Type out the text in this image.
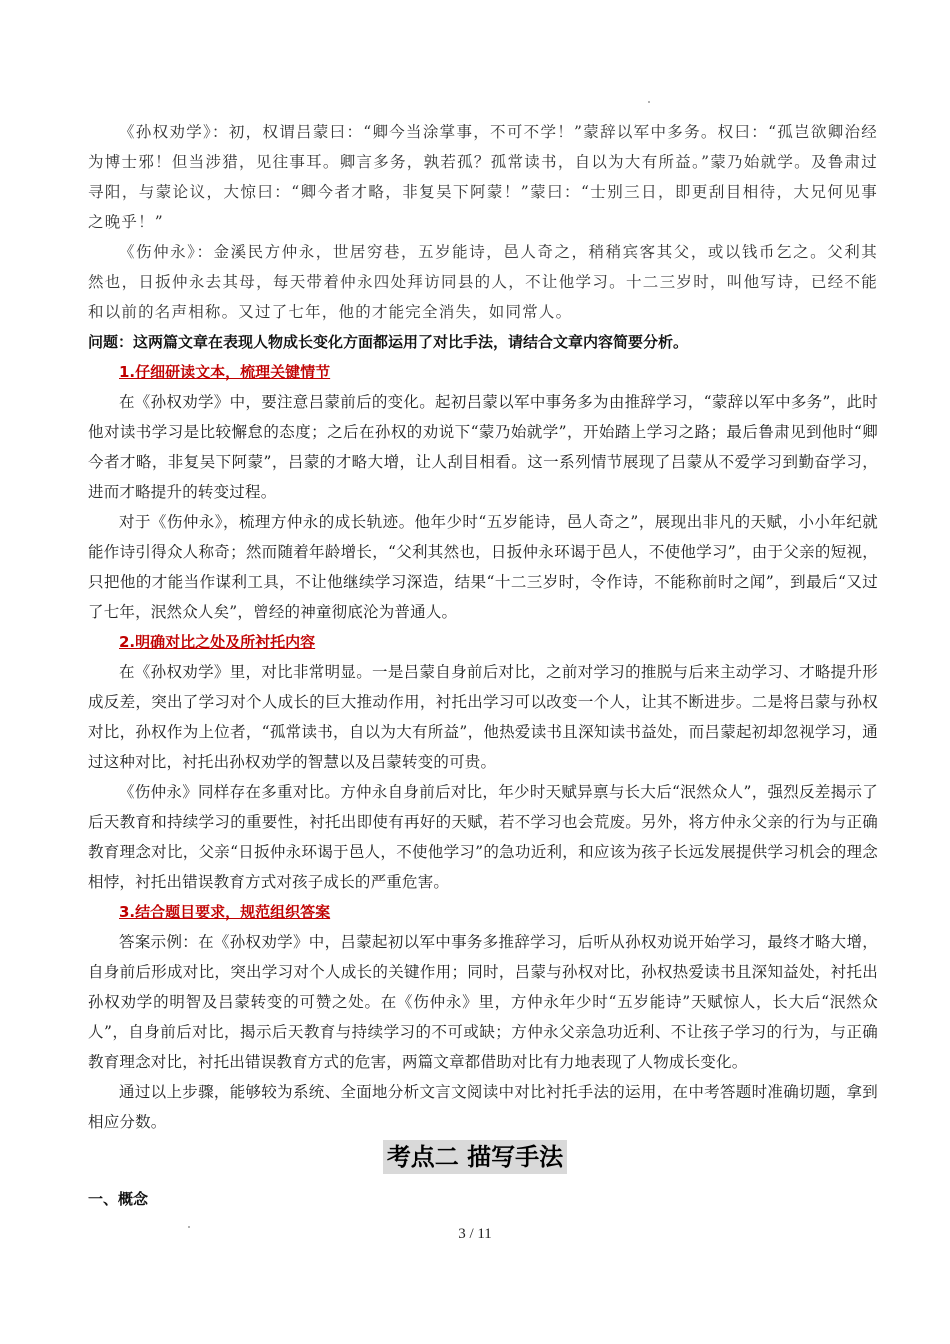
《孙权劝学》：初，权谓吕蒙曰：“卿今当涂掌事，不可不学！”蒙辞以军中多务。权曰：“孤岂欲卿治经为博士邪！但当涉猎，见往事耳。卿言多务，孰若孤？孤常读书，自以为大有所益。”蒙乃始就学。及鲁肃过寻阳，与蒙论议，大惊曰：“卿今者才略，非复吴下阿蒙！”蒙曰：“士别三日，即更刮目相待，大兄何见事之晚乎！”

《伤仲永》：金溪民方仲永，世居穷巷，五岁能诗，邑人奇之，稍稍宾客其父，或以钱币乞之。父利其然也，日扳仲永去其母，每天带着仲永四处拜访同县的人，不让他学习。十二三岁时，叫他写诗，已经不能和以前的名声相称。又过了七年，他的才能完全消失，如同常人。

问题：这两篇文章在表现人物成长变化方面都运用了对比手法，请结合文章内容简要分析。

1.仔细研读文本，梳理关键情节

在《孙权劝学》中，要注意吕蒙前后的变化。起初吕蒙以军中事务多为由推辞学习，“蒙辞以军中多务”，此时他对读书学习是比较懈怠的态度；之后在孙权的劝说下“蒙乃始就学”，开始踏上学习之路；最后鲁肃见到他时“卿今者才略，非复吴下阿蒙”，吕蒙的才略大增，让人刮目相看。这一系列情节展现了吕蒙从不爱学习到勤奋学习，进而才略提升的转变过程。

对于《伤仲永》，梳理方仲永的成长轨迹。他年少时“五岁能诗，邑人奇之”，展现出非凡的天赋，小小年纪就能作诗引得众人称奇；然而随着年龄增长，“父利其然也，日扳仲永环谒于邑人，不使他学习”，由于父亲的短视，只把他的才能当作谋利工具，不让他继续学习深造，结果“十二三岁时，令作诗，不能称前时之闻”，到最后“又过了七年，泯然众人矣”，曾经的神童彻底沦为普通人。

2.明确对比之处及所衬托内容

在《孙权劝学》里，对比非常明显。一是吕蒙自身前后对比，之前对学习的推脱与后来主动学习、才略提升形成反差，突出了学习对个人成长的巨大推动作用，衬托出学习可以改变一个人，让其不断进步。二是将吕蒙与孙权对比，孙权作为上位者，“孤常读书，自以为大有所益”，他热爱读书且深知读书益处，而吕蒙起初却忽视学习，通过这种对比，衬托出孙权劝学的智慧以及吕蒙转变的可贵。

《伤仲永》同样存在多重对比。方仲永自身前后对比，年少时天赋异禀与长大后“泯然众人”，强烈反差揭示了后天教育和持续学习的重要性，衬托出即使有再好的天赋，若不学习也会荒废。另外，将方仲永父亲的行为与正确教育理念对比，父亲“日扳仲永环谒于邑人，不使他学习”的急功近利，和应该为孩子长远发展提供学习机会的理念相悖，衬托出错误教育方式对孩子成长的严重危害。

3.结合题目要求，规范组织答案

答案示例：在《孙权劝学》中，吕蒙起初以军中事务多推辞学习，后听从孙权劝说开始学习，最终才略大增，自身前后形成对比，突出学习对个人成长的关键作用；同时，吕蒙与孙权对比，孙权热爱读书且深知益处，衬托出孙权劝学的明智及吕蒙转变的可赞之处。在《伤仲永》里，方仲永年少时“五岁能诗”天赋惊人，长大后“泯然众人”，自身前后对比，揭示后天教育与持续学习的不可或缺；方仲永父亲急功近利、不让孩子学习的行为，与正确教育理念对比，衬托出错误教育方式的危害，两篇文章都借助对比有力地表现了人物成长变化。

通过以上步骤，能够较为系统、全面地分析文言文阅读中对比衬托手法的运用，在中考答题时准确切题，拿到相应分数。

考点二 描写手法
一、概念
3 / 11
